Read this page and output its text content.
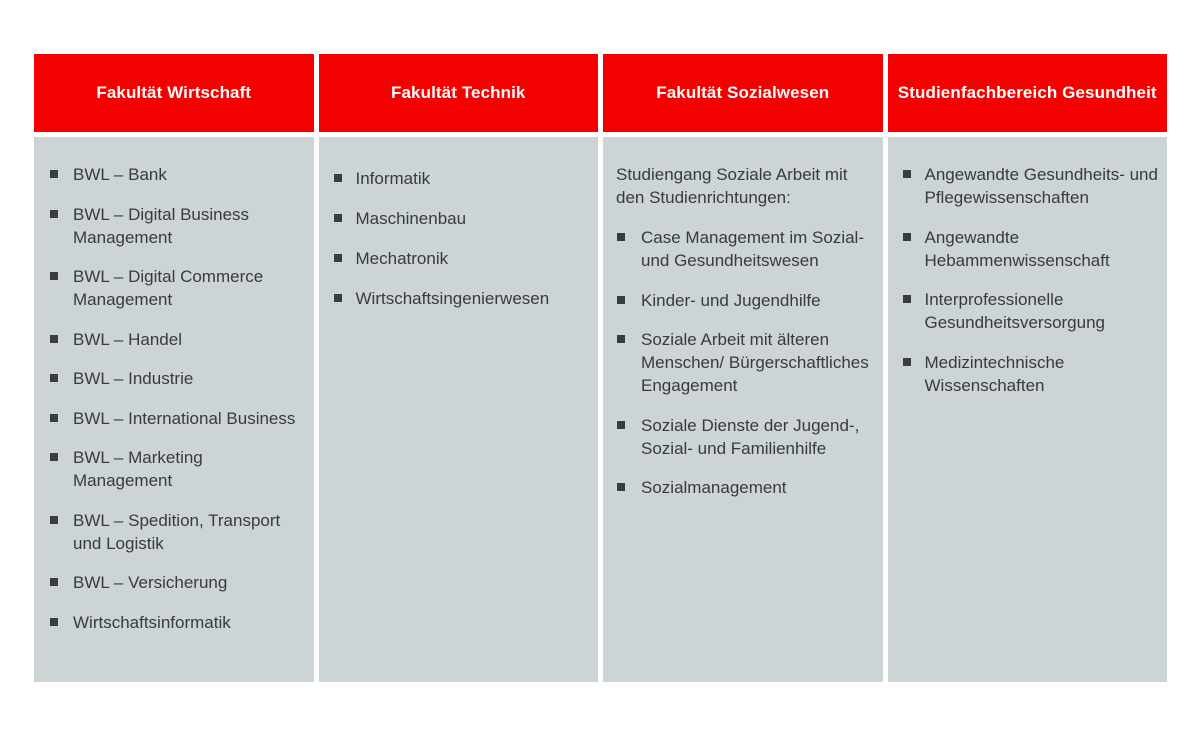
Fakultät Wirtschaft
BWL – Bank
BWL – Digital Business Management
BWL – Digital Commerce Management
BWL – Handel
BWL – Industrie
BWL – International Business
BWL – Marketing Management
BWL – Spedition, Transport und Logistik
BWL – Versicherung
Wirtschaftsinformatik
Fakultät Technik
Informatik
Maschinenbau
Mechatronik
Wirtschaftsingenierwesen
Fakultät Sozialwesen
Studiengang Soziale Arbeit mit den Studienrichtungen:
Case Management im Sozial- und Gesundheitswesen
Kinder- und Jugendhilfe
Soziale Arbeit mit älteren Menschen/ Bürgerschaftliches Engagement
Soziale Dienste der Jugend-, Sozial- und Familienhilfe
Sozialmanagement
Studienfachbereich Gesundheit
Angewandte Gesundheits- und Pflegewissenschaften
Angewandte Hebammenwissenschaft
Interprofessionelle Gesundheitsversorgung
Medizintechnische Wissenschaften
